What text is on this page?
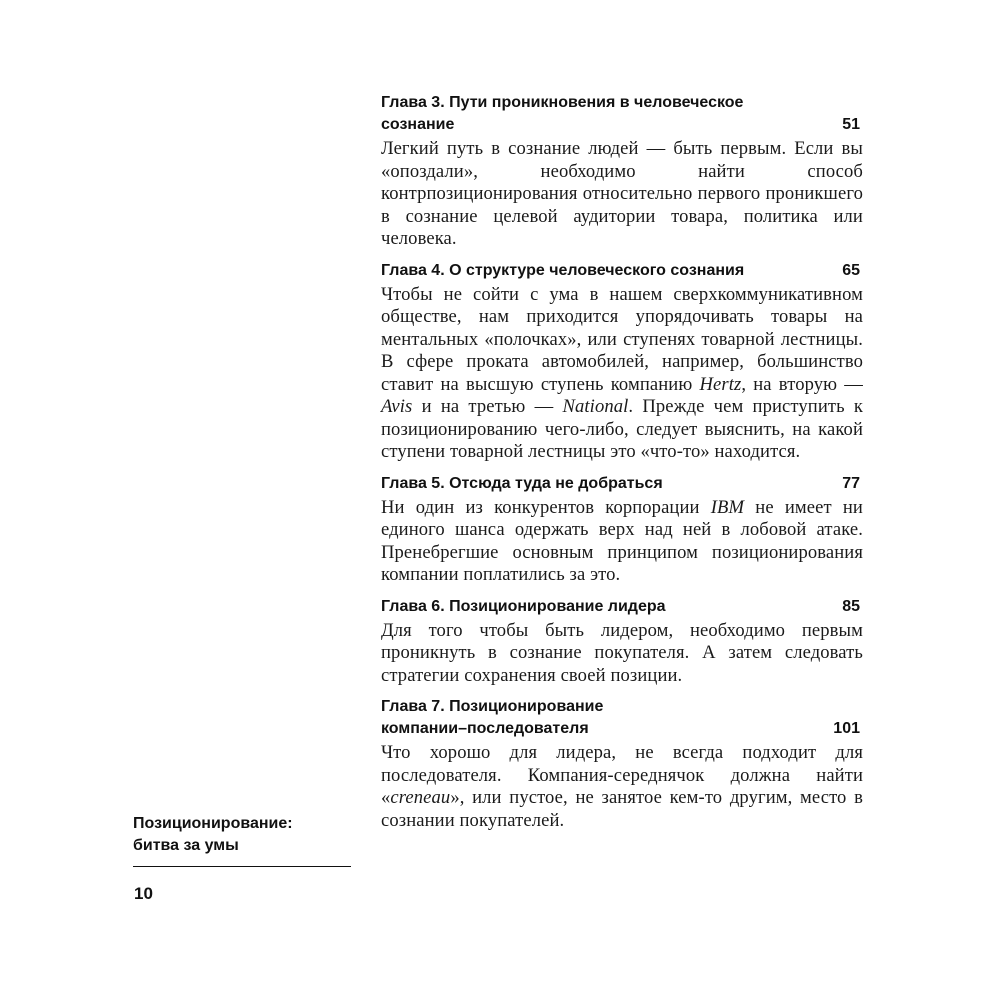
Глава 3. Пути проникновения в человеческое
сознание	51
Легкий путь в сознание людей — быть первым. Если вы «опоздали», необходимо найти способ контрпозиционирования относительно первого проникшего в сознание целевой аудитории товара, политика или человека.
Глава 4. О структуре человеческого сознания	65
Чтобы не сойти с ума в нашем сверхкоммуникативном обществе, нам приходится упорядочивать товары на ментальных «полочках», или ступенях товарной лестницы. В сфере проката автомобилей, например, большинство ставит на высшую ступень компанию Hertz, на вторую — Avis и на третью — National. Прежде чем приступить к позиционированию чего-либо, следует выяснить, на какой ступени товарной лестницы это «что-то» находится.
Глава 5. Отсюда туда не добраться	77
Ни один из конкурентов корпорации IBM не имеет ни единого шанса одержать верх над ней в лобовой атаке. Пренебрегшие основным принципом позиционирования компании поплатились за это.
Глава 6. Позиционирование лидера	85
Для того чтобы быть лидером, необходимо первым проникнуть в сознание покупателя. А затем следовать стратегии сохранения своей позиции.
Глава 7. Позиционирование
компании–последователя	101
Что хорошо для лидера, не всегда подходит для последователя. Компания-середнячок должна найти «creneau», или пустое, не занятое кем-то другим, место в сознании покупателей.
Позиционирование:
битва за умы
10
